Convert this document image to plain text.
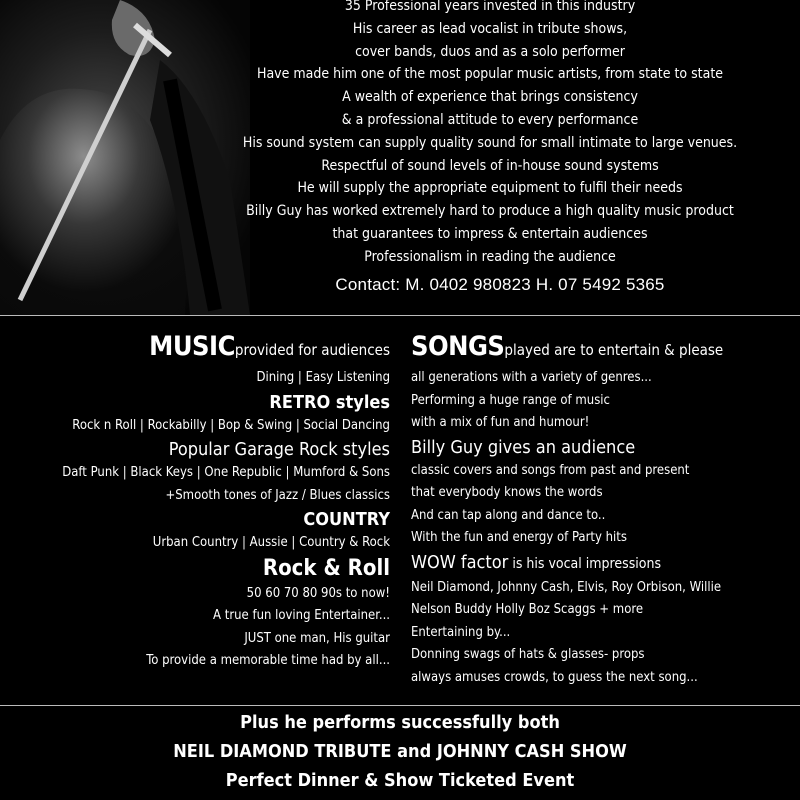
35 Professional years invested in this industry
His career as lead vocalist in tribute shows,
cover bands, duos and as a solo performer
Have made him one of the most popular music artists, from state to state
A wealth of experience that brings consistency
& a professional attitude to every performance
His sound system can supply quality sound for small intimate to large venues.
Respectful of sound levels of in-house sound systems
He will supply the appropriate equipment to fulfil their needs
Billy Guy has worked extremely hard to produce a high quality music product
that guarantees to impress & entertain audiences
Professionalism in reading the audience
Contact: M. 0402 980823 H. 07 5492 5365
MUSICprovided for audiences
Dining | Easy Listening
RETRO styles
Rock n Roll | Rockabilly | Bop & Swing | Social Dancing
Popular Garage Rock styles
Daft Punk | Black Keys | One Republic | Mumford & Sons
+Smooth tones of Jazz / Blues classics
COUNTRY
Urban Country | Aussie | Country & Rock
Rock & Roll
50 60 70 80 90s to now!
A true fun loving Entertainer...
JUST one man, His guitar
To provide a memorable time had by all...
SONGSplayed are to entertain & please
all generations with a variety of genres...
Performing a huge range of music
with a mix of fun and humour!
Billy Guy gives an audience
classic covers and songs from past and present
that everybody knows the words
And can tap along and dance to..
With the fun and energy of Party hits
WOW factor is his vocal impressions
Neil Diamond, Johnny Cash, Elvis, Roy Orbison, Willie
Nelson Buddy Holly Boz Scaggs + more
Entertaining by...
Donning swags of hats & glasses- props
always amuses crowds, to guess the next song...
Plus he performs successfully both
NEIL DIAMOND TRIBUTE and JOHNNY CASH SHOW
Perfect Dinner & Show Ticketed Event
